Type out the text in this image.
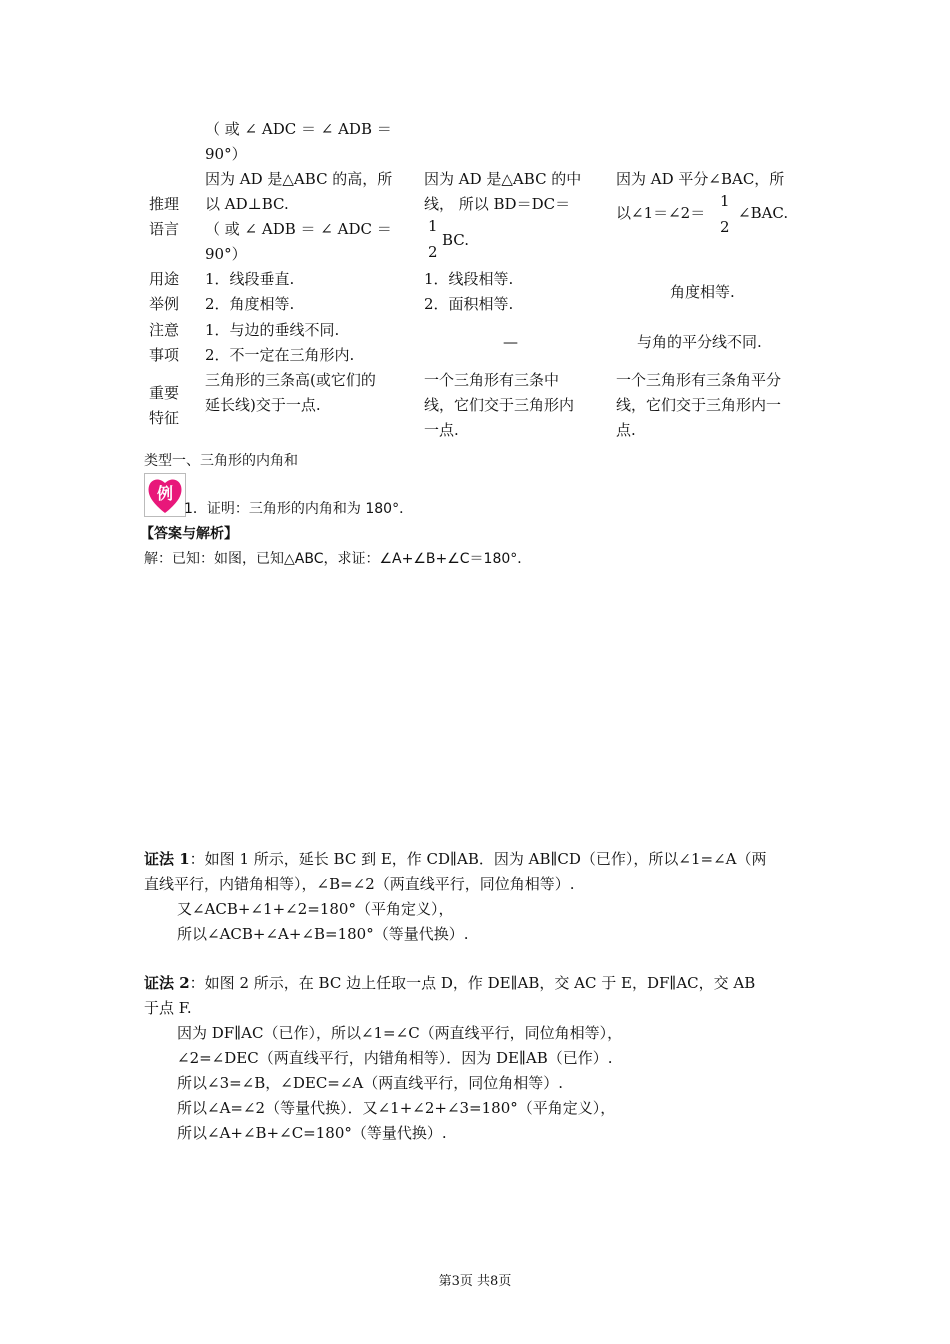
（ 或 ∠ ADC ＝ ∠ ADB ＝
90°）
推理
语言
因为 AD 是△ABC 的高，所
以 AD⊥BC.
（ 或 ∠ ADB ＝ ∠ ADC ＝
90°）
因为 AD 是△ABC 的中
线， 所以 BD＝DC＝
1
2
BC.
因为 AD 平分∠BAC，所
以∠1＝∠2＝
1
2
∠BAC.
用途
举例
1．线段垂直.
2．角度相等.
1．线段相等.
2．面积相等.
角度相等.
注意
事项
1．与边的垂线不同.
2．不一定在三角形内.
—	与角的平分线不同.
重要
特征
三角形的三条高(或它们的
延长线)交于一点.
一个三角形有三条中
线，它们交于三角形内
一点.
一个三角形有三条角平分
线，它们交于三角形内一
点.
类型一、三角形的内角和
例
1．证明：三角形的内角和为 180°．
【答案与解析】
解：已知：如图，已知△ABC，求证：∠A+∠B+∠C＝180°．
证法 1：如图 1 所示，延长 BC 到 E，作 CD∥AB．因为 AB∥CD（已作），所以∠1=∠A（两
直线平行，内错角相等），∠B=∠2（两直线平行，同位角相等）.
又∠ACB+∠1+∠2=180°（平角定义），
所以∠ACB+∠A+∠B=180°（等量代换）.
证法 2：如图 2 所示，在 BC 边上任取一点 D，作 DE∥AB，交 AC 于 E，DF∥AC，交 AB
于点 F.
因为 DF∥AC（已作），所以∠1=∠C（两直线平行，同位角相等），
∠2=∠DEC（两直线平行，内错角相等）．因为 DE∥AB（已作）.
所以∠3=∠B，∠DEC=∠A（两直线平行，同位角相等）.
所以∠A=∠2（等量代换）．又∠1+∠2+∠3=180°（平角定义），
所以∠A+∠B+∠C=180°（等量代换）.
第3页 共8页
